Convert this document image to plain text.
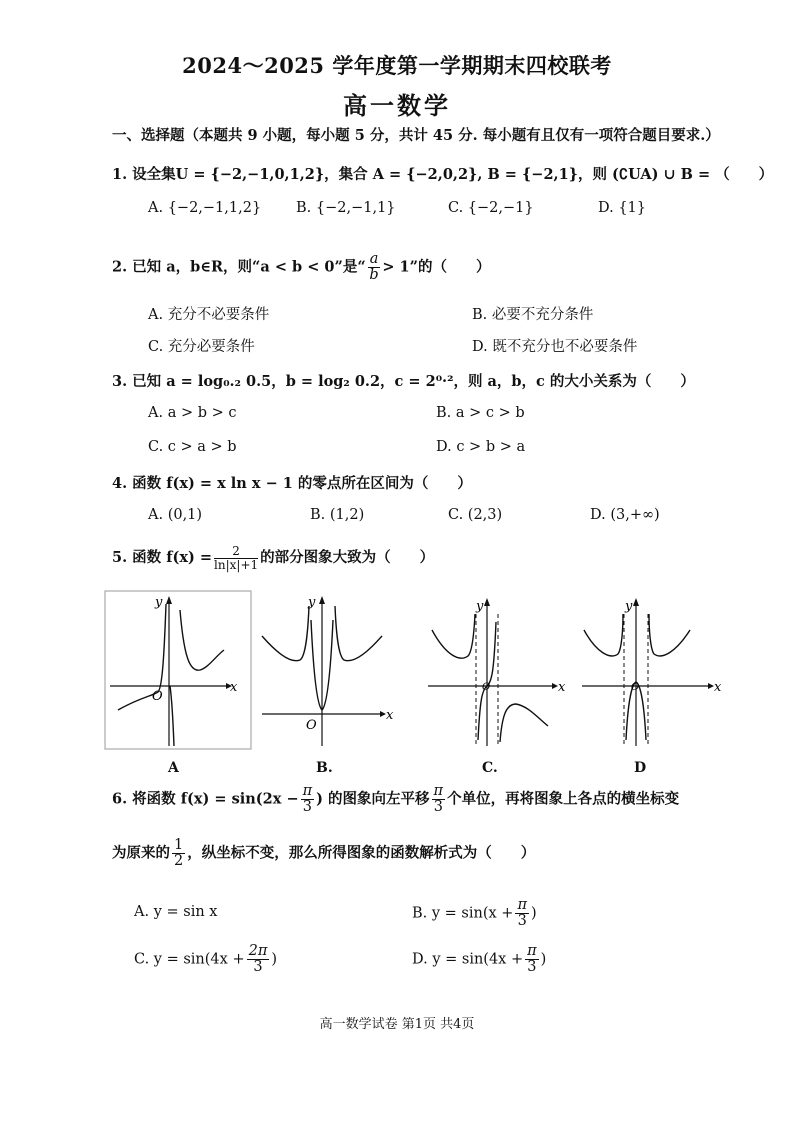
2024～2025 学年度第一学期期末四校联考
高一数学
一、选择题（本题共 9 小题，每小题 5 分，共计 45 分. 每小题有且仅有一项符合题目要求.）
1. 设全集U = {−2,−1,0,1,2}，集合 A = {−2,0,2}, B = {−2,1}，则 (∁UA) ∪ B = （　　）
A. {−2,−1,1,2} B. {−2,−1,1}	C. {−2,−1}	D. {1}
2. 已知 a，b∈R，则“a < b < 0”是“ $\frac{a}{b} > 1$”的（　　）
A. 充分不必要条件	B. 必要不充分条件
C. 充分必要条件	D. 既不充分也不必要条件
3. 已知 a = log₀.₂ 0.5，b = log₂ 0.2，c = 2⁰·²，则 a，b，c 的大小关系为（　　）
A. a > b > c	B. a > c > b
C. c > a > b	D. c > b > a
4. 函数 f(x) = x ln x − 1 的零点所在区间为（　　）
A. (0,1)	B. (1,2)	C. (2,3)	D. (3,+∞)
5. 函数 $f(x) = \frac{2}{\ln|x|+1}$ 的部分图象大致为（　　）
x
y
O
x
y
O
x
y
O	x
y
O
A	B.	C.	D
6. 将函数 $f(x) = \sin(2x - \frac{\pi}{3}$ ) 的图象向左平移 $\frac{\pi}{3}$ 个单位，再将图象上各点的横坐标变
为原来的 $\frac{1}{2}$ ，纵坐标不变，那么所得图象的函数解析式为（　　）
A. y = sin x	B. $y = \sin(x + \frac{\pi}{3}$ )
C. $y = \sin(4x + \frac{2\pi}{3}$ )	D. $y = \sin(4x + \frac{\pi}{3}$ )
高一数学试卷 第1页 共4页
